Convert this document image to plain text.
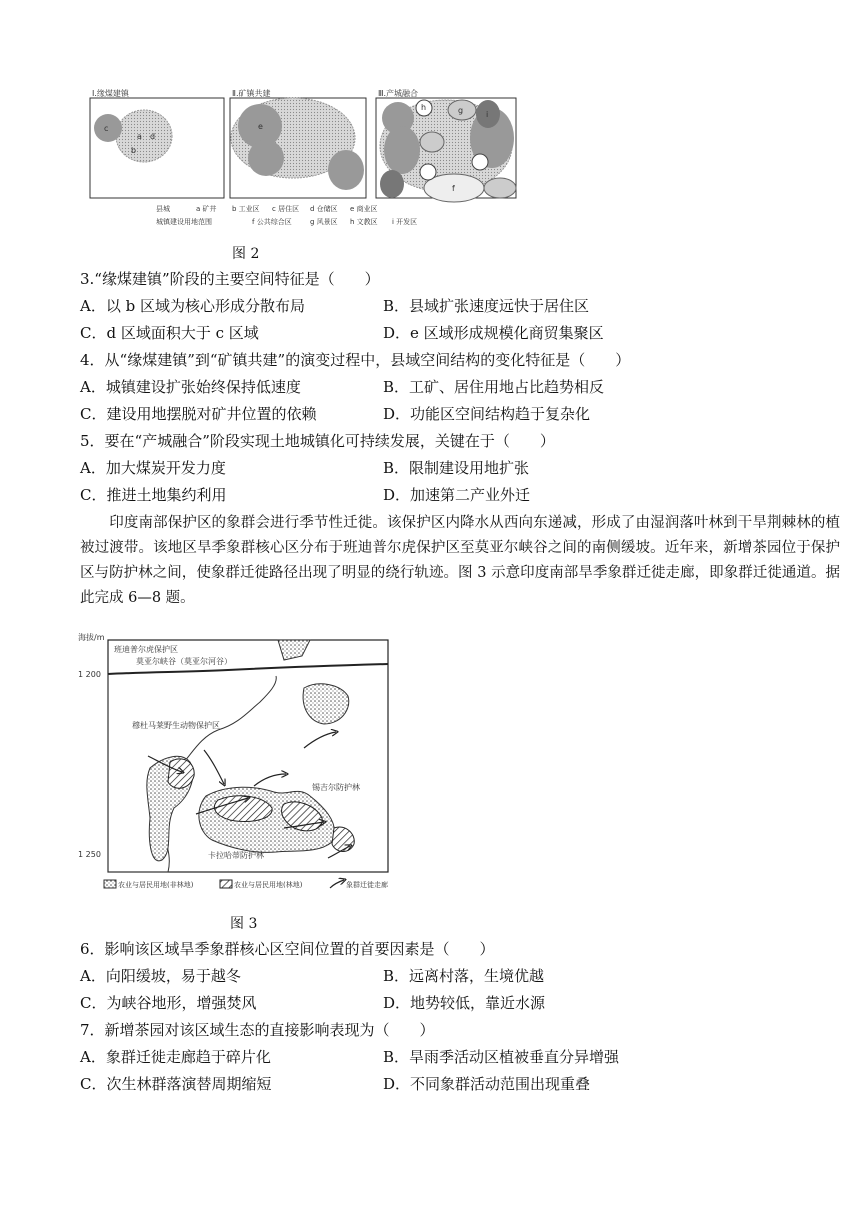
Ⅰ.缘煤建镇	Ⅱ.矿镇共建	Ⅲ.产城融合
a
b
c
d
e
f
g
h
i
县城	a 矿井 b 工业区 c 居住区 d 仓储区 e 商业区
城镇建设用地范围	f 公共综合区	g 风景区 h 文教区 i 开发区
图 2
3.“缘煤建镇”阶段的主要空间特征是（　　）
A．以 b 区域为核心形成分散布局	B．县域扩张速度远快于居住区
C．d 区域面积大于 c 区域	D．e 区域形成规模化商贸集聚区
4．从“缘煤建镇”到“矿镇共建”的演变过程中，县域空间结构的变化特征是（　　）
A．城镇建设扩张始终保持低速度	B．工矿、居住用地占比趋势相反
C．建设用地摆脱对矿井位置的依赖	D．功能区空间结构趋于复杂化
5．要在“产城融合”阶段实现土地城镇化可持续发展，关键在于（　　）
A．加大煤炭开发力度	B．限制建设用地扩张
C．推进土地集约利用	D．加速第二产业外迁
　　印度南部保护区的象群会进行季节性迁徙。该保护区内降水从西向东递减，形成了由湿润落叶林到干旱荆棘林的植被过渡带。该地区旱季象群核心区分布于班迪普尔虎保护区至莫亚尔峡谷之间的南侧缓坡。近年来，新增茶园位于保护区与防护林之间，使象群迁徙路径出现了明显的绕行轨迹。图 3 示意印度南部旱季象群迁徙走廊，即象群迁徙通道。据此完成 6—8 题。
海拔/m
1 200
1 250
班迪普尔虎保护区
莫亚尔峡谷（莫亚尔河谷）
穆杜马莱野生动物保护区
锡吉尔防护林
卡拉哈蒂防护林
农业与居民用地(非林地)	农业与居民用地(林地)	象群迁徙走廊
图 3
6．影响该区域旱季象群核心区空间位置的首要因素是（　　）
A．向阳缓坡，易于越冬	B．远离村落，生境优越
C．为峡谷地形，增强焚风	D．地势较低，靠近水源
7．新增茶园对该区域生态的直接影响表现为（　　）
A．象群迁徙走廊趋于碎片化	B．旱雨季活动区植被垂直分异增强
C．次生林群落演替周期缩短	D．不同象群活动范围出现重叠
